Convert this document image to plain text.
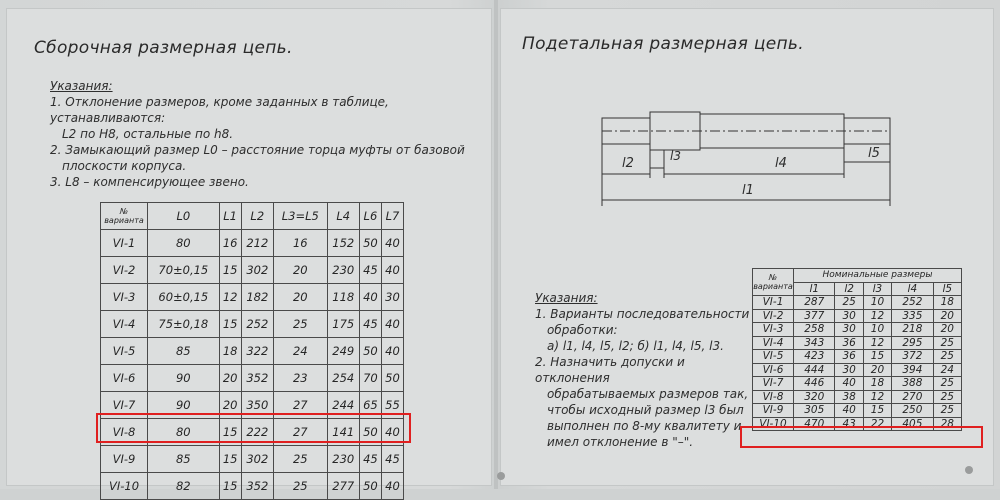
Сборочная размерная цепь.
Указания:
1. Отклонение размеров, кроме заданных в таблице, устанавливаются:
L2 по H8, остальные по h8.
2. Замыкающий размер L0 – расстояние торца муфты от базовой
плоскости корпуса.
3. L8 – компенсирующее звено.
№ варианта	L0	L1	L2	L3=L5	L4	L6	L7
VI-1	80	16	212	16	152	50	40
VI-2	70±0,15	15	302	20	230	45	40
VI-3	60±0,15	12	182	20	118	40	30
VI-4	75±0,18	15	252	25	175	45	40
VI-5	85	18	322	24	249	50	40
VI-6	90	20	352	23	254	70	50
VI-7	90	20	350	27	244	65	55
VI-8	80	15	222	27	141	50	40
VI-9	85	15	302	25	230	45	45
VI-10	82	15	352	25	277	50	40
Подетальная размерная цепь.
l2	l3	l4
l5
l1
Указания:
1. Варианты последовательности
обработки:
а) l1, l4, l5, l2; б) l1, l4, l5, l3.
2. Назначить допуски и отклонения
обрабатываемых размеров так,
чтобы исходный размер l3 был
выполнен по 8-му квалитету и
имел отклонение в "–".
№ варианта	Номинальные размеры				
	l1	l2	l3	l4	l5
VI-1	287	25	10	252	18
VI-2	377	30	12	335	20
VI-3	258	30	10	218	20
VI-4	343	36	12	295	25
VI-5	423	36	15	372	25
VI-6	444	30	20	394	24
VI-7	446	40	18	388	25
VI-8	320	38	12	270	25
VI-9	305	40	15	250	25
VI-10	470	43	22	405	28
